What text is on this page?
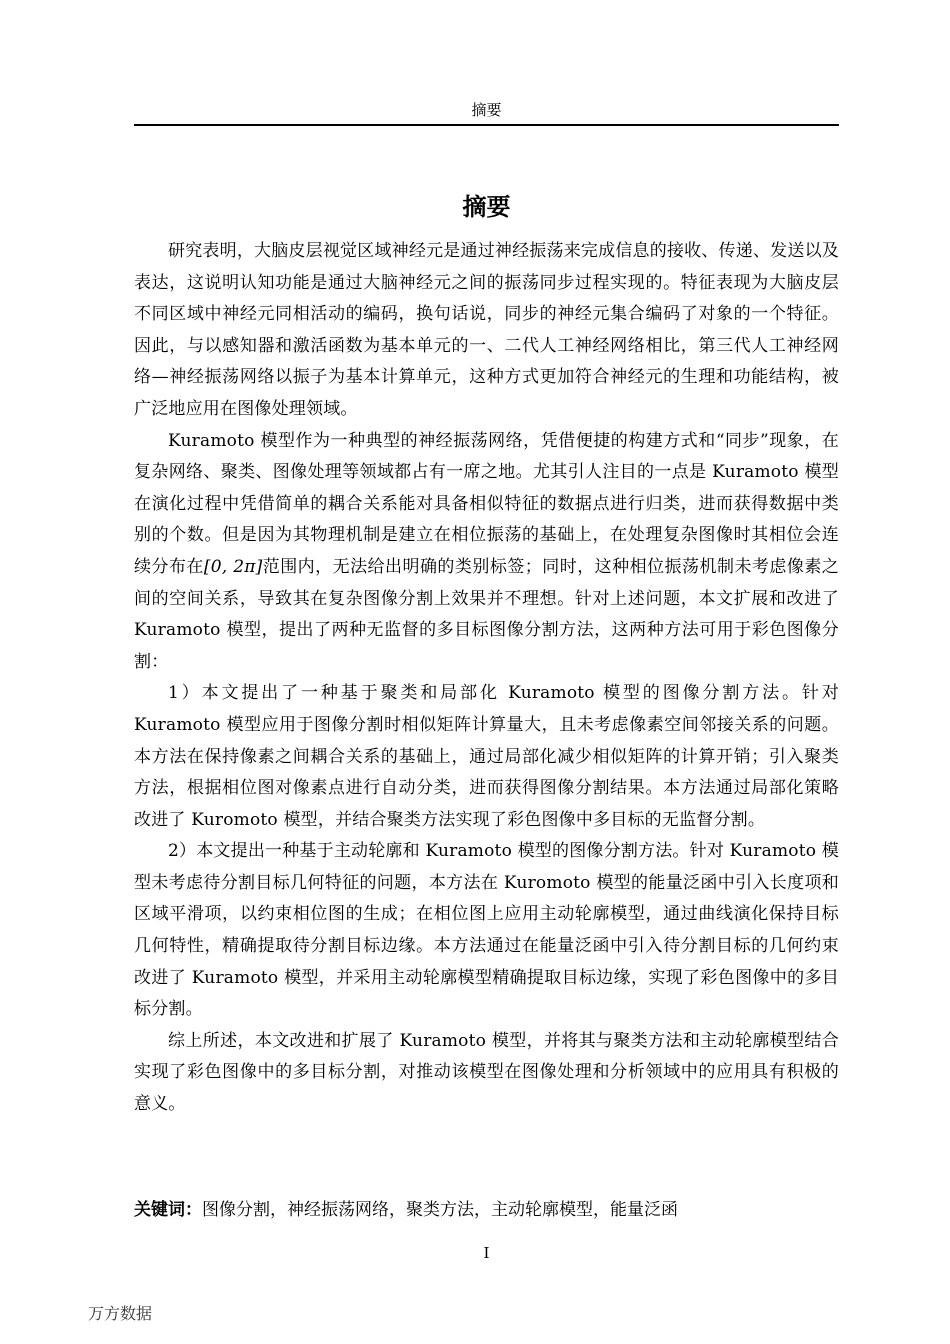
摘要
摘要

研究表明，大脑皮层视觉区域神经元是通过神经振荡来完成信息的接收、传递、发送以及表达，这说明认知功能是通过大脑神经元之间的振荡同步过程实现的。特征表现为大脑皮层不同区域中神经元同相活动的编码，换句话说，同步的神经元集合编码了对象的一个特征。因此，与以感知器和激活函数为基本单元的一、二代人工神经网络相比，第三代人工神经网络—神经振荡网络以振子为基本计算单元，这种方式更加符合神经元的生理和功能结构，被广泛地应用在图像处理领域。

Kuramoto 模型作为一种典型的神经振荡网络，凭借便捷的构建方式和“同步”现象，在复杂网络、聚类、图像处理等领域都占有一席之地。尤其引人注目的一点是 Kuramoto 模型在演化过程中凭借简单的耦合关系能对具备相似特征的数据点进行归类，进而获得数据中类别的个数。但是因为其物理机制是建立在相位振荡的基础上，在处理复杂图像时其相位会连续分布在[0, 2π]范围内，无法给出明确的类别标签；同时，这种相位振荡机制未考虑像素之间的空间关系，导致其在复杂图像分割上效果并不理想。针对上述问题，本文扩展和改进了 Kuramoto 模型，提出了两种无监督的多目标图像分割方法，这两种方法可用于彩色图像分割：

1）本文提出了一种基于聚类和局部化 Kuramoto 模型的图像分割方法。针对 Kuramoto 模型应用于图像分割时相似矩阵计算量大，且未考虑像素空间邻接关系的问题。本方法在保持像素之间耦合关系的基础上，通过局部化减少相似矩阵的计算开销；引入聚类方法，根据相位图对像素点进行自动分类，进而获得图像分割结果。本方法通过局部化策略改进了 Kuromoto 模型，并结合聚类方法实现了彩色图像中多目标的无监督分割。

2）本文提出一种基于主动轮廓和 Kuramoto 模型的图像分割方法。针对 Kuramoto 模型未考虑待分割目标几何特征的问题，本方法在 Kuromoto 模型的能量泛函中引入长度项和区域平滑项，以约束相位图的生成；在相位图上应用主动轮廓模型，通过曲线演化保持目标几何特性，精确提取待分割目标边缘。本方法通过在能量泛函中引入待分割目标的几何约束改进了 Kuramoto 模型，并采用主动轮廓模型精确提取目标边缘，实现了彩色图像中的多目标分割。

综上所述，本文改进和扩展了 Kuramoto 模型，并将其与聚类方法和主动轮廓模型结合实现了彩色图像中的多目标分割，对推动该模型在图像处理和分析领域中的应用具有积极的意义。

关键词：图像分割，神经振荡网络，聚类方法，主动轮廓模型，能量泛函
I
万方数据
